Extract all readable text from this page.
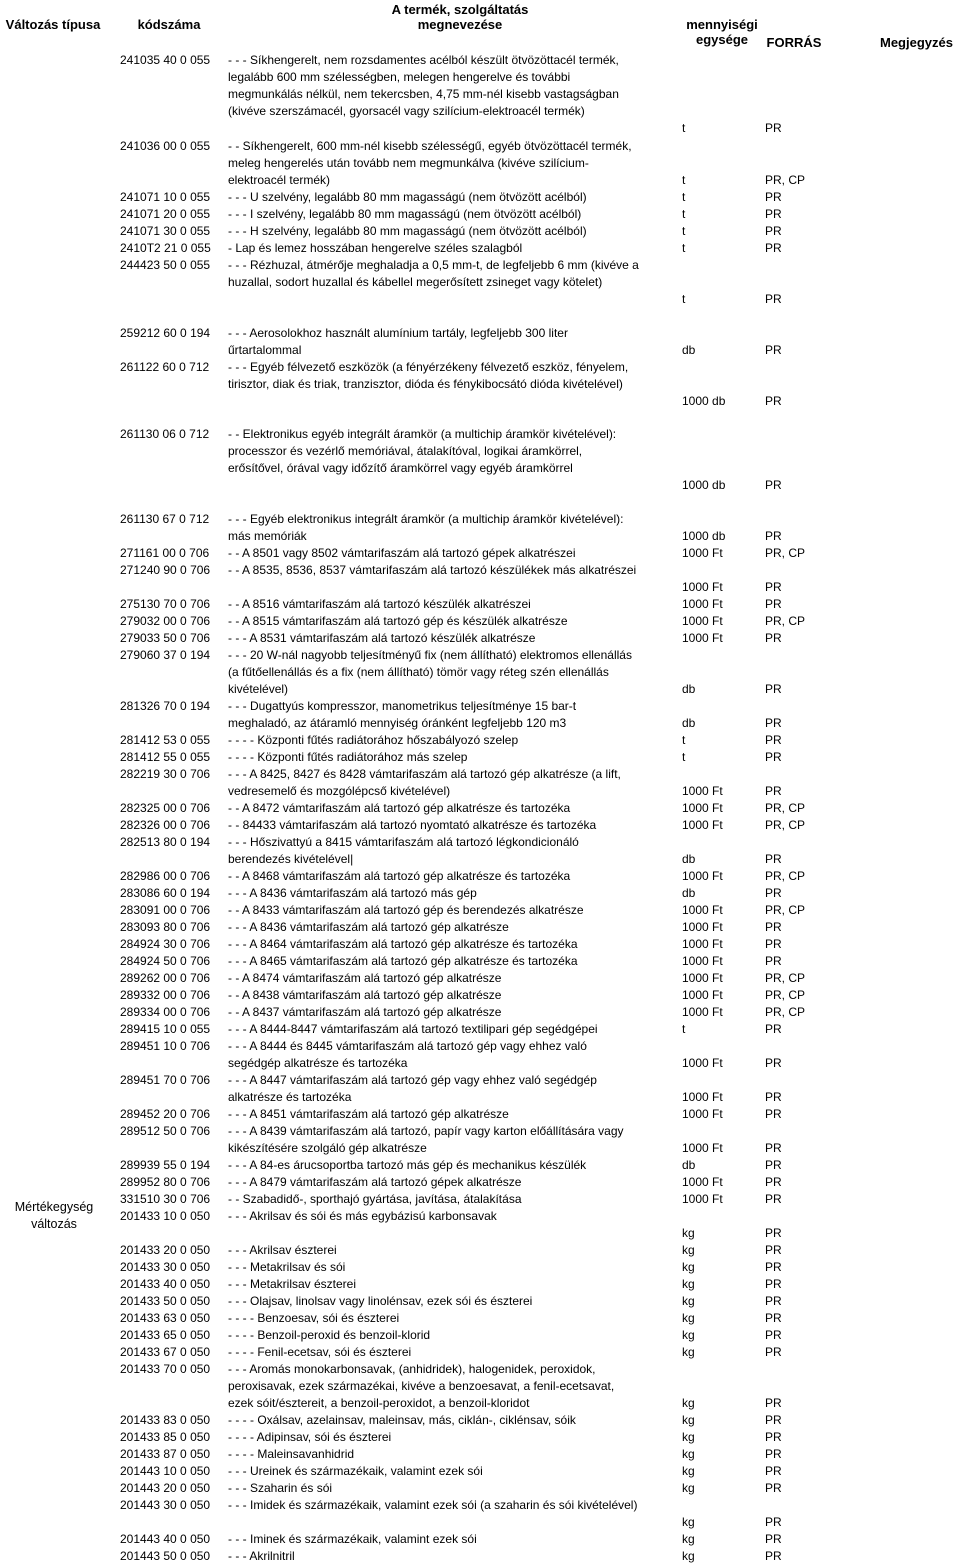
Változás típusa	kódszáma
A termék, szolgáltatás
megnevezése	mennyiségi
egysége	FORRÁS	Megjegyzés
Mértékegység
változás
241035 40 0 055	- - - Síkhengerelt, nem rozsdamentes acélból készült ötvözöttacél termék,
legalább 600 mm szélességben, melegen hengerelve és további
megmunkálás nélkül, nem tekercsben, 4,75 mm-nél kisebb vastagságban
(kivéve szerszámacél, gyorsacél vagy szilícium-elektroacél termék)
t	PR
241036 00 0 055	- - Síkhengerelt, 600 mm-nél kisebb szélességű, egyéb ötvözöttacél termék,
meleg hengerelés után tovább nem megmunkálva (kivéve szilícium-
elektroacél termék)	t	PR, CP
241071 10 0 055	- - - U szelvény, legalább 80 mm magasságú (nem ötvözött acélból)	t	PR
241071 20 0 055	- - - I szelvény, legalább 80 mm magasságú (nem ötvözött acélból)	t	PR
241071 30 0 055	- - - H szelvény, legalább 80 mm magasságú (nem ötvözött acélból)	t	PR
2410T2 21 0 055	- Lap és lemez hosszában hengerelve széles szalagból	t	PR
244423 50 0 055	- - - Rézhuzal, átmérője meghaladja a 0,5 mm-t, de legfeljebb 6 mm (kivéve a
huzallal, sodort huzallal és kábellel megerősített zsineget vagy kötelet)
t	PR
259212 60 0 194	- - - Aerosolokhoz használt alumínium tartály, legfeljebb 300 liter
űrtartalommal	db	PR
261122 60 0 712	- - - Egyéb félvezető eszközök (a fényérzékeny félvezető eszköz, fényelem,
tirisztor, diak és triak, tranzisztor, dióda és fénykibocsátó dióda kivételével)
1000 db	PR
261130 06 0 712	- - Elektronikus egyéb integrált áramkör (a multichip áramkör kivételével):
processzor és vezérlő memóriával, átalakítóval, logikai áramkörrel,
erősítővel, órával vagy időzítő áramkörrel vagy egyéb áramkörrel
1000 db	PR
261130 67 0 712	- - - Egyéb elektronikus integrált áramkör (a multichip áramkör kivételével):
más memóriák	1000 db	PR
271161 00 0 706	- - A 8501 vagy 8502 vámtarifaszám alá tartozó gépek alkatrészei	1000 Ft	PR, CP
271240 90 0 706	- - A 8535, 8536, 8537 vámtarifaszám alá tartozó készülékek más alkatrészei
1000 Ft	PR
275130 70 0 706	- - A 8516 vámtarifaszám alá tartozó készülék alkatrészei	1000 Ft	PR
279032 00 0 706	- - A 8515 vámtarifaszám alá tartozó gép és készülék alkatrésze	1000 Ft	PR, CP
279033 50 0 706	- - - A 8531 vámtarifaszám alá tartozó készülék alkatrésze	1000 Ft	PR
279060 37 0 194	- - - 20 W-nál nagyobb teljesítményű fix (nem állítható) elektromos ellenállás
(a fűtőellenállás és a fix (nem állítható) tömör vagy réteg szén ellenállás
kivételével)	db	PR
281326 70 0 194	- - - Dugattyús kompresszor, manometrikus teljesítménye 15 bar-t
meghaladó, az átáramló mennyiség óránként legfeljebb 120 m3	db	PR
281412 53 0 055	- - - - Központi fűtés radiátorához hőszabályozó szelep	t	PR
281412 55 0 055	- - - - Központi fűtés radiátorához más szelep	t	PR
282219 30 0 706	- - - A 8425, 8427 és 8428 vámtarifaszám alá tartozó gép alkatrésze (a lift,
vedresemelő és mozgólépcső kivételével)	1000 Ft	PR
282325 00 0 706	- - A 8472 vámtarifaszám alá tartozó gép alkatrésze és tartozéka	1000 Ft	PR, CP
282326 00 0 706	- - 84433 vámtarifaszám alá tartozó nyomtató alkatrésze és tartozéka	1000 Ft	PR, CP
282513 80 0 194	- - - Hőszivattyú a 8415 vámtarifaszám alá tartozó légkondicionáló
berendezés kivételével|	db	PR
282986 00 0 706	- - A 8468 vámtarifaszám alá tartozó gép alkatrésze és tartozéka	1000 Ft	PR, CP
283086 60 0 194	- - - A 8436 vámtarifaszám alá tartozó más gép	db	PR
283091 00 0 706	- - A 8433 vámtarifaszám alá tartozó gép és berendezés alkatrésze	1000 Ft	PR, CP
283093 80 0 706	- - - A 8436 vámtarifaszám alá tartozó gép alkatrésze	1000 Ft	PR
284924 30 0 706	- - - A 8464 vámtarifaszám alá tartozó gép alkatrésze és tartozéka	1000 Ft	PR
284924 50 0 706	- - - A 8465 vámtarifaszám alá tartozó gép alkatrésze és tartozéka	1000 Ft	PR
289262 00 0 706	- - A 8474 vámtarifaszám alá tartozó gép alkatrésze	1000 Ft	PR, CP
289332 00 0 706	- - A 8438 vámtarifaszám alá tartozó gép alkatrésze	1000 Ft	PR, CP
289334 00 0 706	- - A 8437 vámtarifaszám alá tartozó gép alkatrésze	1000 Ft	PR, CP
289415 10 0 055	- - - A 8444-8447 vámtarifaszám alá tartozó textilipari gép segédgépei	t	PR
289451 10 0 706	- - - A 8444 és 8445 vámtarifaszám alá tartozó gép vagy ehhez való
segédgép alkatrésze és tartozéka	1000 Ft	PR
289451 70 0 706	- - - A 8447 vámtarifaszám alá tartozó gép vagy ehhez való segédgép
alkatrésze és tartozéka	1000 Ft	PR
289452 20 0 706	- - - A 8451 vámtarifaszám alá tartozó gép alkatrésze	1000 Ft	PR
289512 50 0 706	- - - A 8439 vámtarifaszám alá tartozó, papír vagy karton előállítására vagy
kikészítésére szolgáló gép alkatrésze	1000 Ft	PR
289939 55 0 194	- - - A 84-es árucsoportba tartozó más gép és mechanikus készülék	db	PR
289952 80 0 706	- - - A 8479 vámtarifaszám alá tartozó gépek alkatrésze	1000 Ft	PR
331510 30 0 706	- - Szabadidő-, sporthajó gyártása, javítása, átalakítása	1000 Ft	PR
201433 10 0 050	- - - Akrilsav és sói és más egybázisú karbonsavak
kg	PR
201433 20 0 050	- - - Akrilsav észterei	kg	PR
201433 30 0 050	- - - Metakrilsav és sói	kg	PR
201433 40 0 050	- - - Metakrilsav észterei	kg	PR
201433 50 0 050	- - - Olajsav, linolsav vagy linolénsav, ezek sói és észterei	kg	PR
201433 63 0 050	- - - - Benzoesav, sói és észterei	kg	PR
201433 65 0 050	- - - - Benzoil-peroxid és benzoil-klorid	kg	PR
201433 67 0 050	- - - - Fenil-ecetsav, sói és észterei	kg	PR
201433 70 0 050	- - - Aromás monokarbonsavak, (anhidridek), halogenidek, peroxidok,
peroxisavak, ezek származékai, kivéve a benzoesavat, a fenil-ecetsavat,
ezek sóit/észtereit, a benzoil-peroxidot, a benzoil-kloridot	kg	PR
201433 83 0 050	- - - - Oxálsav, azelainsav, maleinsav, más, ciklán-, ciklénsav, sóik	kg	PR
201433 85 0 050	- - - - Adipinsav, sói és észterei	kg	PR
201433 87 0 050	- - - - Maleinsavanhidrid	kg	PR
201443 10 0 050	- - - Ureinek és származékaik, valamint ezek sói	kg	PR
201443 20 0 050	- - - Szaharin és sói	kg	PR
201443 30 0 050	- - - Imidek és származékaik, valamint ezek sói (a szaharin és sói kivételével)
kg	PR
201443 40 0 050	- - - Iminek és származékaik, valamint ezek sói	kg	PR
201443 50 0 050	- - - Akrilnitril	kg	PR
